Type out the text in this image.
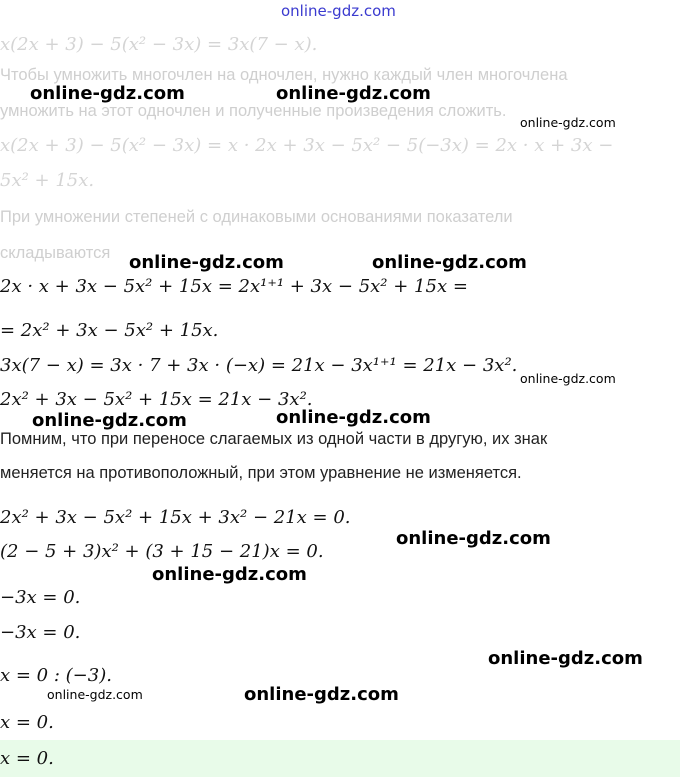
x(2x + 3) − 5(x² − 3x) = 3x(7 − x).
Чтобы умножить многочлен на одночлен, нужно каждый член многочлена
умножить на этот одночлен и полученные произведения сложить.
x(2x + 3) − 5(x² − 3x) = x · 2x + 3x − 5x² − 5(−3x) = 2x · x + 3x −
5x² + 15x.
При умножении степеней с одинаковыми основаниями показатели
складываются
2x · x + 3x − 5x² + 15x = 2x¹⁺¹ + 3x − 5x² + 15x =
= 2x² + 3x − 5x² + 15x.
3x(7 − x) = 3x · 7 + 3x · (−x) = 21x − 3x¹⁺¹ = 21x − 3x².
2x² + 3x − 5x² + 15x = 21x − 3x².
Помним, что при переносе слагаемых из одной части в другую, их знак
меняется на противоположный, при этом уравнение не изменяется.
2x² + 3x − 5x² + 15x + 3x² − 21x = 0.
(2 − 5 + 3)x² + (3 + 15 − 21)x = 0.
−3x = 0.
−3x = 0.
x = 0 : (−3).
x = 0.
x = 0.
online-gdz.com
online-gdz.com	online-gdz.com
online-gdz.com
online-gdz.com	online-gdz.com
online-gdz.com
online-gdz.com	online-gdz.com
online-gdz.com
online-gdz.com
online-gdz.com
online-gdz.com	online-gdz.com
